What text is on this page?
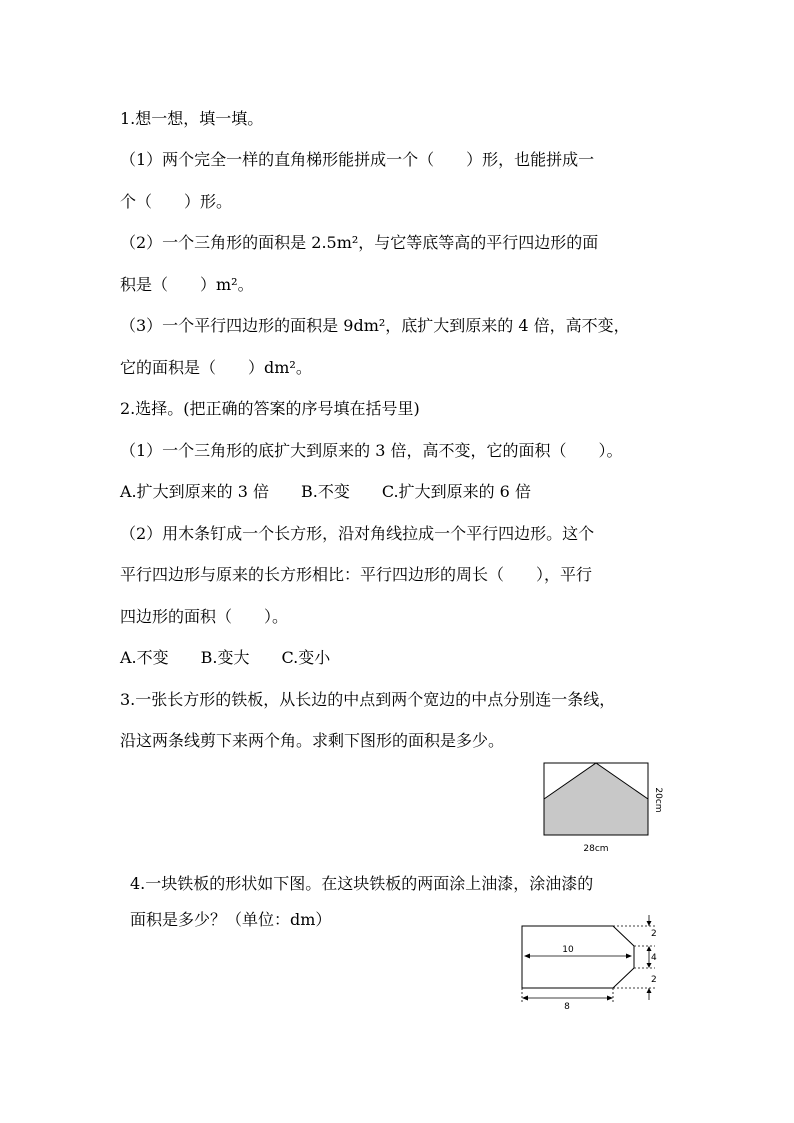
1.想一想，填一填。
（1）两个完全一样的直角梯形能拼成一个（　　）形，也能拼成一
个（　　）形。
（2）一个三角形的面积是 2.5m²，与它等底等高的平行四边形的面
积是（　　）m²。
（3）一个平行四边形的面积是 9dm²，底扩大到原来的 4 倍，高不变，
它的面积是（　　）dm²。
2.选择。(把正确的答案的序号填在括号里)
（1）一个三角形的底扩大到原来的 3 倍，高不变，它的面积（　　）。
A.扩大到原来的 3 倍　　B.不变　　C.扩大到原来的 6 倍
（2）用木条钉成一个长方形，沿对角线拉成一个平行四边形。这个
平行四边形与原来的长方形相比：平行四边形的周长（　　），平行
四边形的面积（　　）。
A.不变　　B.变大　　C.变小
3.一张长方形的铁板，从长边的中点到两个宽边的中点分别连一条线，
沿这两条线剪下来两个角。求剩下图形的面积是多少。
20cm
28cm
4.一块铁板的形状如下图。在这块铁板的两面涂上油漆，涂油漆的
面积是多少？（单位：dm）
10
8
2
4
2
